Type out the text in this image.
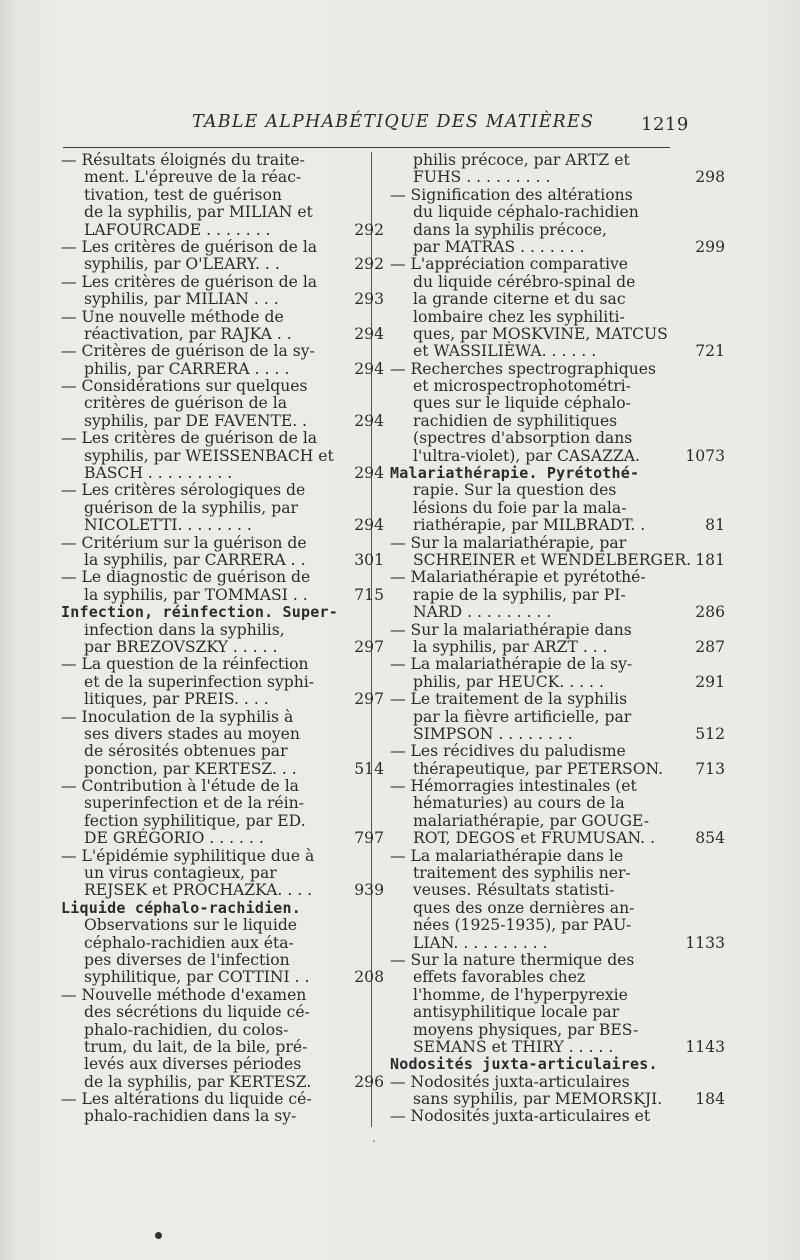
TABLE ALPHABÉTIQUE DES MATIÈRES	1219
— Résultats éloignés du traite-
ment. L'épreuve de la réac-
tivation, test de guérison
de la syphilis, par MILIAN et
LAFOURCADE . . . . . . .	292
— Les critères de guérison de la
syphilis, par O'LEARY. . .	292
— Les critères de guérison de la
syphilis, par MILIAN . . .	293
— Une nouvelle méthode de
réactivation, par RAJKA . .	294
— Critères de guérison de la sy-
philis, par CARRERA . . . .	294
— Considérations sur quelques
critères de guérison de la
syphilis, par DE FAVENTE. .	294
— Les critères de guérison de la
syphilis, par WEISSENBACH et
BASCH . . . . . . . . .	294
— Les critères sérologiques de
guérison de la syphilis, par
NICOLETTI. . . . . . . .	294
— Critérium sur la guérison de
la syphilis, par CARRERA . .	301
— Le diagnostic de guérison de
la syphilis, par TOMMASI . .	715
Infection, réinfection. Super-
infection dans la syphilis,
par BREZOVSZKY . . . . .	297
— La question de la réinfection
et de la superinfection syphi-
litiques, par PREIS. . . .	297
— Inoculation de la syphilis à
ses divers stades au moyen
de sérosités obtenues par
ponction, par KERTESZ. . .	514
— Contribution à l'étude de la
superinfection et de la réin-
fection syphilitique, par ED.
DE GRÉGORIO . . . . . .	797
— L'épidémie syphilitique due à
un virus contagieux, par
REJSEK et PROCHAZKA. . . .	939
Liquide céphalo-rachidien.
Observations sur le liquide
céphalo-rachidien aux éta-
pes diverses de l'infection
syphilitique, par COTTINI . .	208
— Nouvelle méthode d'examen
des sécrétions du liquide cé-
phalo-rachidien, du colos-
trum, du lait, de la bile, pré-
levés aux diverses périodes
de la syphilis, par KERTESZ.	296
— Les altérations du liquide cé-
phalo-rachidien dans la sy-
philis précoce, par ARTZ et
FUHS . . . . . . . . .	298
— Signification des altérations
du liquide céphalo-rachidien
dans la syphilis précoce,
par MATRAS . . . . . . .	299
— L'appréciation comparative
du liquide cérébro-spinal de
la grande citerne et du sac
lombaire chez les syphiliti-
ques, par MOSKVINE, MATCUS
et WASSILIÈWA. . . . . .	721
— Recherches spectrographiques
et microspectrophotométri-
ques sur le liquide céphalo-
rachidien de syphilitiques
(spectres d'absorption dans
l'ultra-violet), par CASAZZA.	1073
Malariathérapie. Pyrétothé-
rapie. Sur la question des
lésions du foie par la mala-
riathérapie, par MILBRADT. .	81
— Sur la malariathérapie, par
SCHREINER et WENDELBERGER. 181
— Malariathérapie et pyrétothé-
rapie de la syphilis, par PI-
NARD . . . . . . . . .	286
— Sur la malariathérapie dans
la syphilis, par ARZT . . .	287
— La malariathérapie de la sy-
philis, par HEUCK. . . . .	291
— Le traitement de la syphilis
par la fièvre artificielle, par
SIMPSON . . . . . . . .	512
— Les récidives du paludisme
thérapeutique, par PETERSON.	713
— Hémorragies intestinales (et
hématuries) au cours de la
malariathérapie, par GOUGE-
ROT, DEGOS et FRUMUSAN. .	854
— La malariathérapie dans le
traitement des syphilis ner-
veuses. Résultats statisti-
ques des onze dernières an-
nées (1925-1935), par PAU-
LIAN. . . . . . . . . .	1133
— Sur la nature thermique des
effets favorables chez
l'homme, de l'hyperpyrexie
antisyphilitique locale par
moyens physiques, par BES-
SEMANS et THIRY . . . . .	1143
Nodosités juxta-articulaires.
— Nodosités juxta-articulaires
sans syphilis, par MEMORSKJI.	184
— Nodosités juxta-articulaires et
